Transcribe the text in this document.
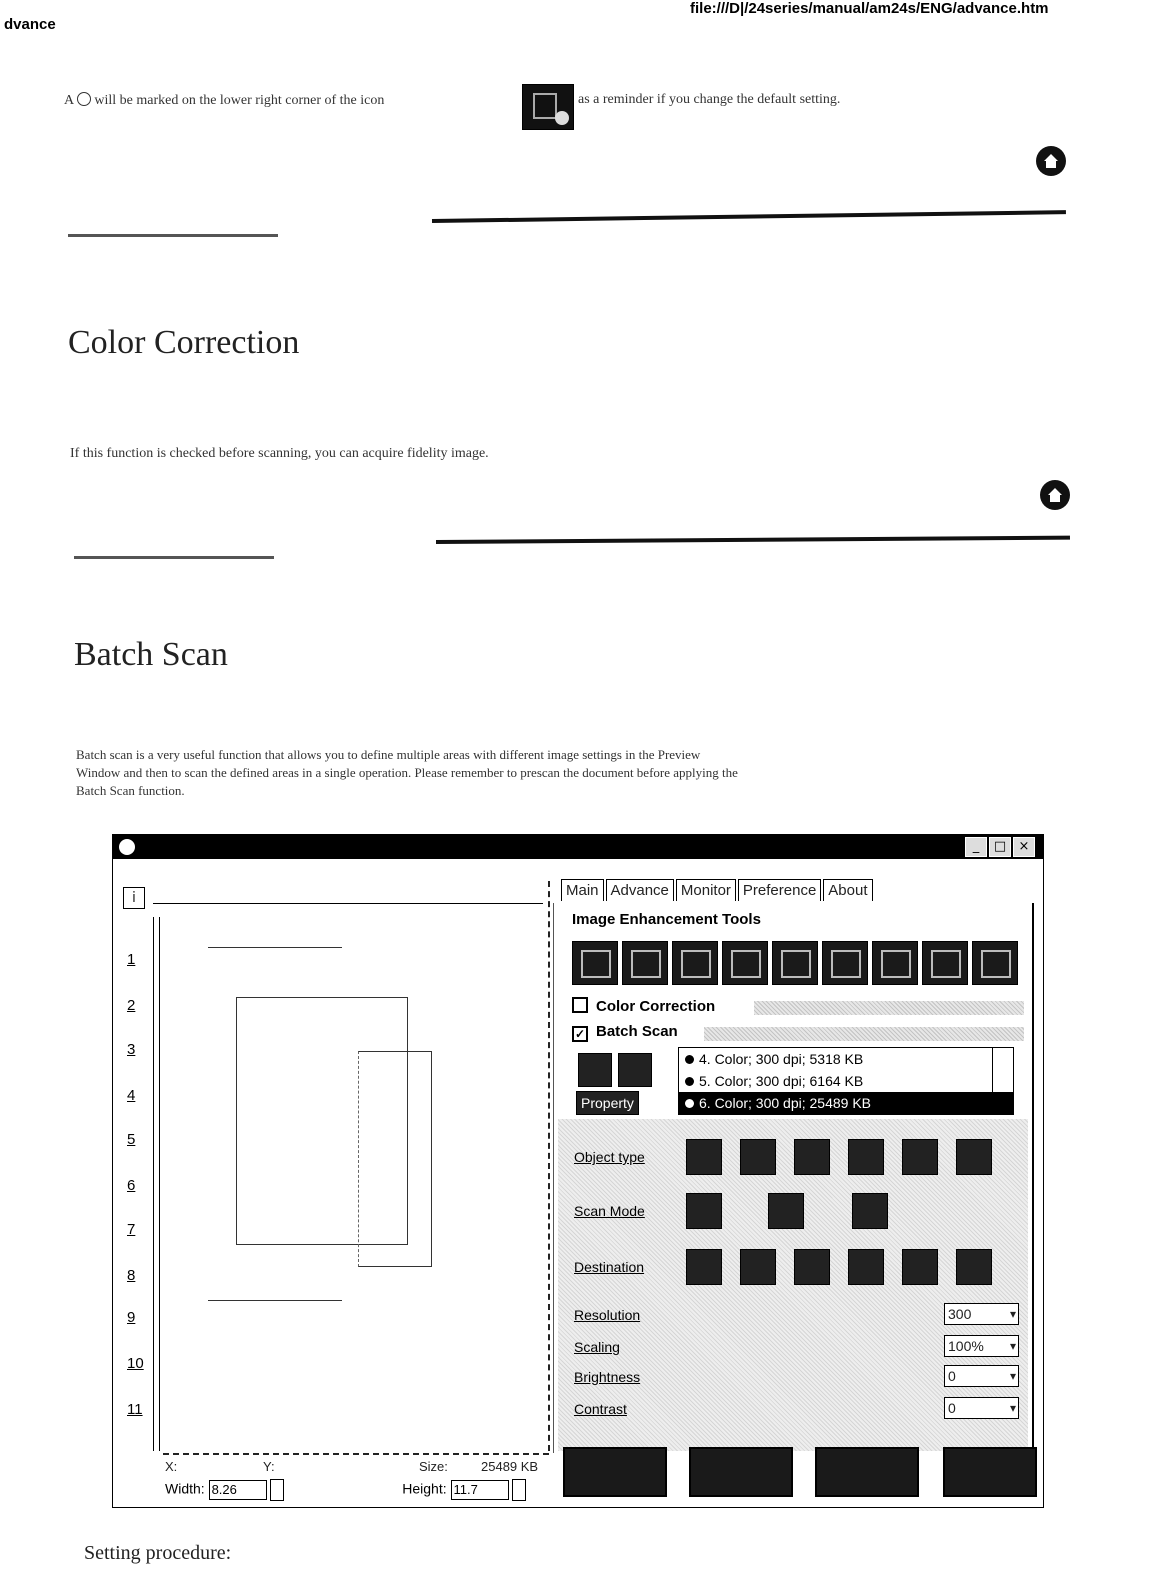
dvance
file:///D|/24series/manual/am24s/ENG/advance.htm
A  will be marked on the lower right corner of the icon	as a reminder if you change the default setting.
Color Correction
If this function is checked before scanning, you can acquire fidelity image.
Batch Scan
Batch scan is a very useful function that allows you to define multiple areas with different image settings in the Preview
Window and then to scan the defined areas in a single operation. Please remember to prescan the document before applying the
Batch Scan function.
_	□ ×
i
1
2
3
4
5
6
7
8
9
10
11
X:	Y:	Size:	25489 KB
Width: 8.26	Height: 11.7
Main Advance Monitor Preference About
Image Enhancement Tools
Color Correction
✓ Batch Scan
Property
4. Color; 300 dpi; 5318 KB
5. Color; 300 dpi; 6164 KB
6. Color; 300 dpi; 25489 KB
Object type
Scan Mode
Destination
Resolution	300 ▾
Scaling	100% ▾
Brightness	0 ▾
Contrast	0 ▾
Setting procedure:
